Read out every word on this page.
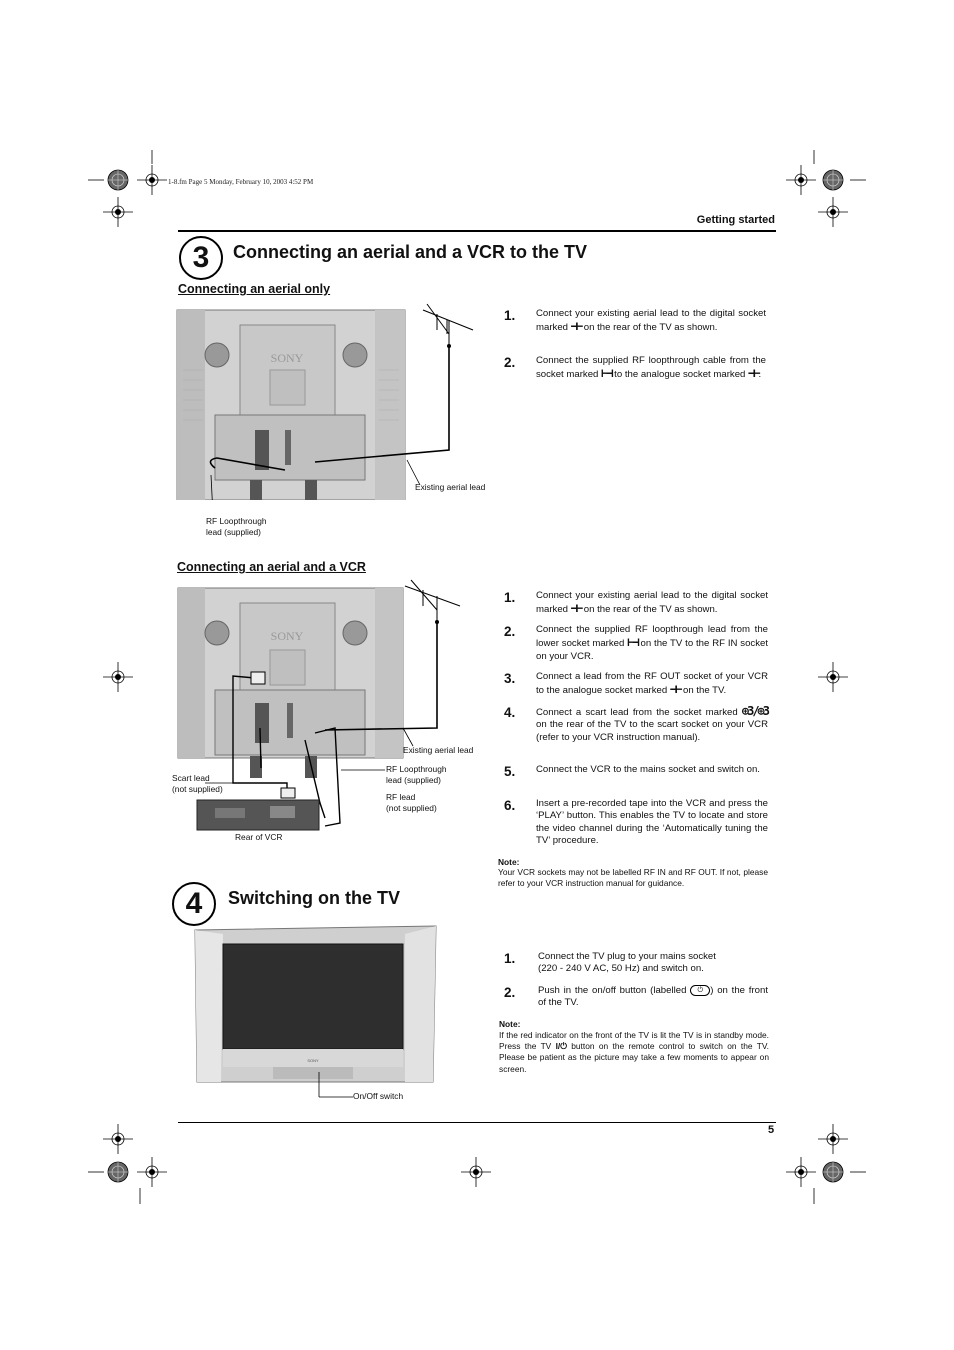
1-8.fm Page 5 Monday, February 10, 2003 4:52 PM
Getting started
3	Connecting an aerial and a VCR to the TV
Connecting an aerial only
SONY
Existing aerial lead
RF Loopthrough
lead (supplied)
1. Connect your existing aerial lead to the digital socket marked ⊣⊢ on the rear of the TV as shown.
2. Connect the supplied RF loopthrough cable from the socket marked ⊢⊣ to the analogue socket marked ⊣⊢.
Connecting an aerial and a VCR
SONY
Existing aerial lead
RF Loopthrough
lead (supplied)
Scart lead
(not supplied)
RF lead
(not supplied)
Rear of VCR
1. Connect your existing aerial lead to the digital socket marked ⊣⊢ on the rear of the TV as shown.
2. Connect the supplied RF loopthrough lead from the lower socket marked ⊢⊣ on the TV to the RF IN socket on your VCR.
3. Connect a lead from the RF OUT socket of your VCR to the analogue socket marked ⊣⊢ on the TV.
4. Connect a scart lead from the socket marked ⊕3/⊕3 on the rear of the TV to the scart socket on your VCR (refer to your VCR instruction manual).
5. Connect the VCR to the mains socket and switch on.
6. Insert a pre-recorded tape into the VCR and press the ‘PLAY’ button. This enables the TV to locate and store the video channel during the ‘Automatically tuning the TV’ procedure.
Note:
Your VCR sockets may not be labelled RF IN and RF OUT. If not, please refer to your VCR instruction manual for guidance.
4	Switching on the TV
SONY
On/Off switch
1. Connect the TV plug to your mains socket
(220 - 240 V AC, 50 Hz) and switch on.
2. Push in the on/off button (labelled ⏻ ) on the front of the TV.
Note:
If the red indicator on the front of the TV is lit the TV is in standby mode. Press the TV I/⏻ button on the remote control to switch on the TV. Please be patient as the picture may take a few moments to appear on screen.
5
